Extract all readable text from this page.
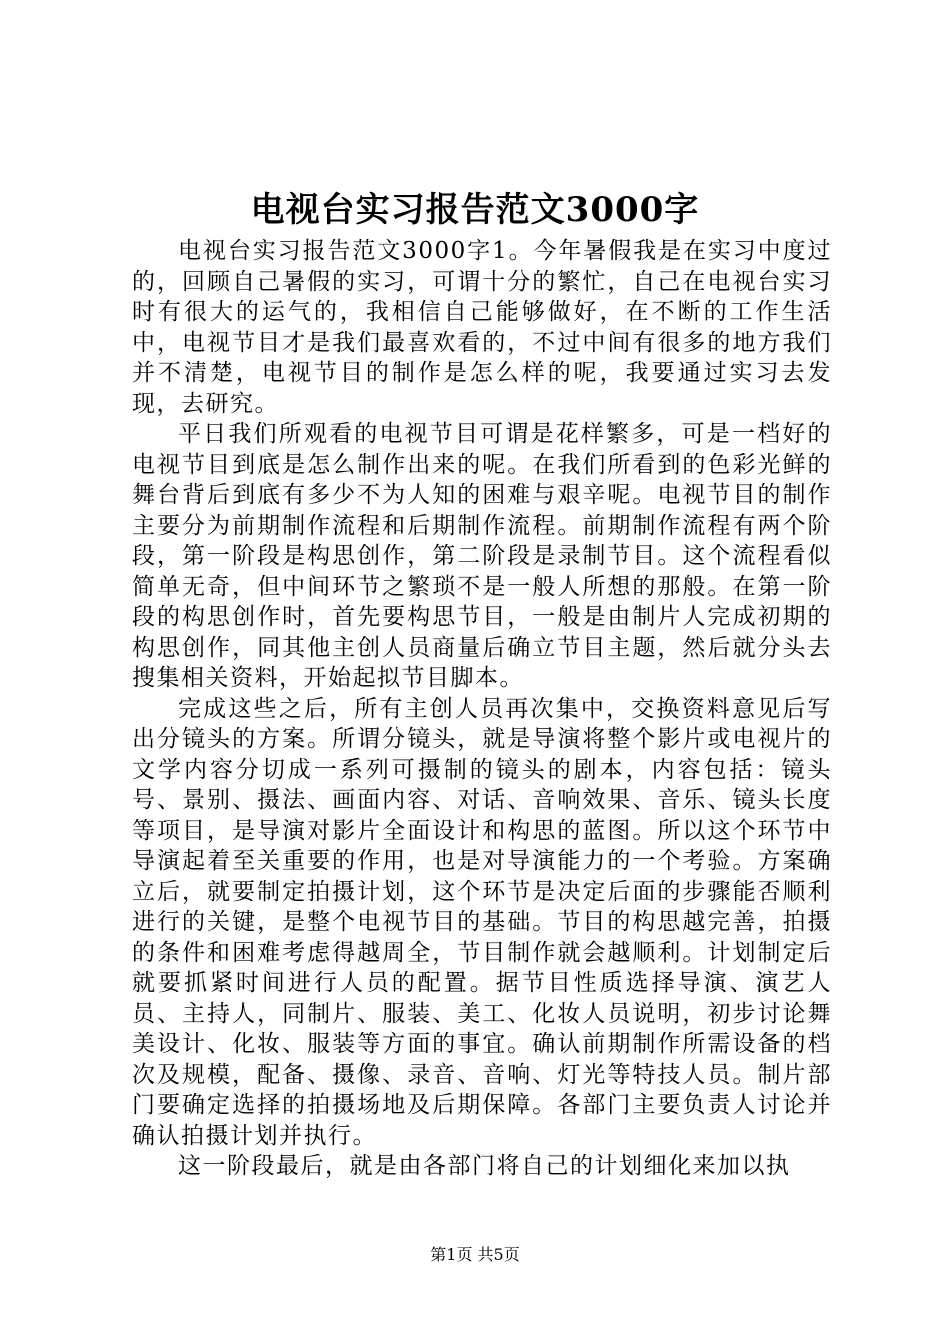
电视台实习报告范文3000字

电视台实习报告范文3000字1。今年暑假我是在实习中度过的，回顾自己暑假的实习，可谓十分的繁忙，自己在电视台实习时有很大的运气的，我相信自己能够做好，在不断的工作生活中，电视节目才是我们最喜欢看的，不过中间有很多的地方我们并不清楚，电视节目的制作是怎么样的呢，我要通过实习去发现，去研究。

平日我们所观看的电视节目可谓是花样繁多，可是一档好的电视节目到底是怎么制作出来的呢。在我们所看到的色彩光鲜的舞台背后到底有多少不为人知的困难与艰辛呢。电视节目的制作主要分为前期制作流程和后期制作流程。前期制作流程有两个阶段，第一阶段是构思创作，第二阶段是录制节目。这个流程看似简单无奇，但中间环节之繁琐不是一般人所想的那般。在第一阶段的构思创作时，首先要构思节目，一般是由制片人完成初期的构思创作，同其他主创人员商量后确立节目主题，然后就分头去搜集相关资料，开始起拟节目脚本。

完成这些之后，所有主创人员再次集中，交换资料意见后写出分镜头的方案。所谓分镜头，就是导演将整个影片或电视片的文学内容分切成一系列可摄制的镜头的剧本，内容包括：镜头号、景别、摄法、画面内容、对话、音响效果、音乐、镜头长度等项目，是导演对影片全面设计和构思的蓝图。所以这个环节中导演起着至关重要的作用，也是对导演能力的一个考验。方案确立后，就要制定拍摄计划，这个环节是决定后面的步骤能否顺利进行的关键，是整个电视节目的基础。节目的构思越完善，拍摄的条件和困难考虑得越周全，节目制作就会越顺利。计划制定后就要抓紧时间进行人员的配置。据节目性质选择导演、演艺人员、主持人，同制片、服装、美工、化妆人员说明，初步讨论舞美设计、化妆、服装等方面的事宜。确认前期制作所需设备的档次及规模，配备、摄像、录音、音响、灯光等特技人员。制片部门要确定选择的拍摄场地及后期保障。各部门主要负责人讨论并确认拍摄计划并执行。

这一阶段最后，就是由各部门将自己的计划细化来加以执

第1页 共5页
